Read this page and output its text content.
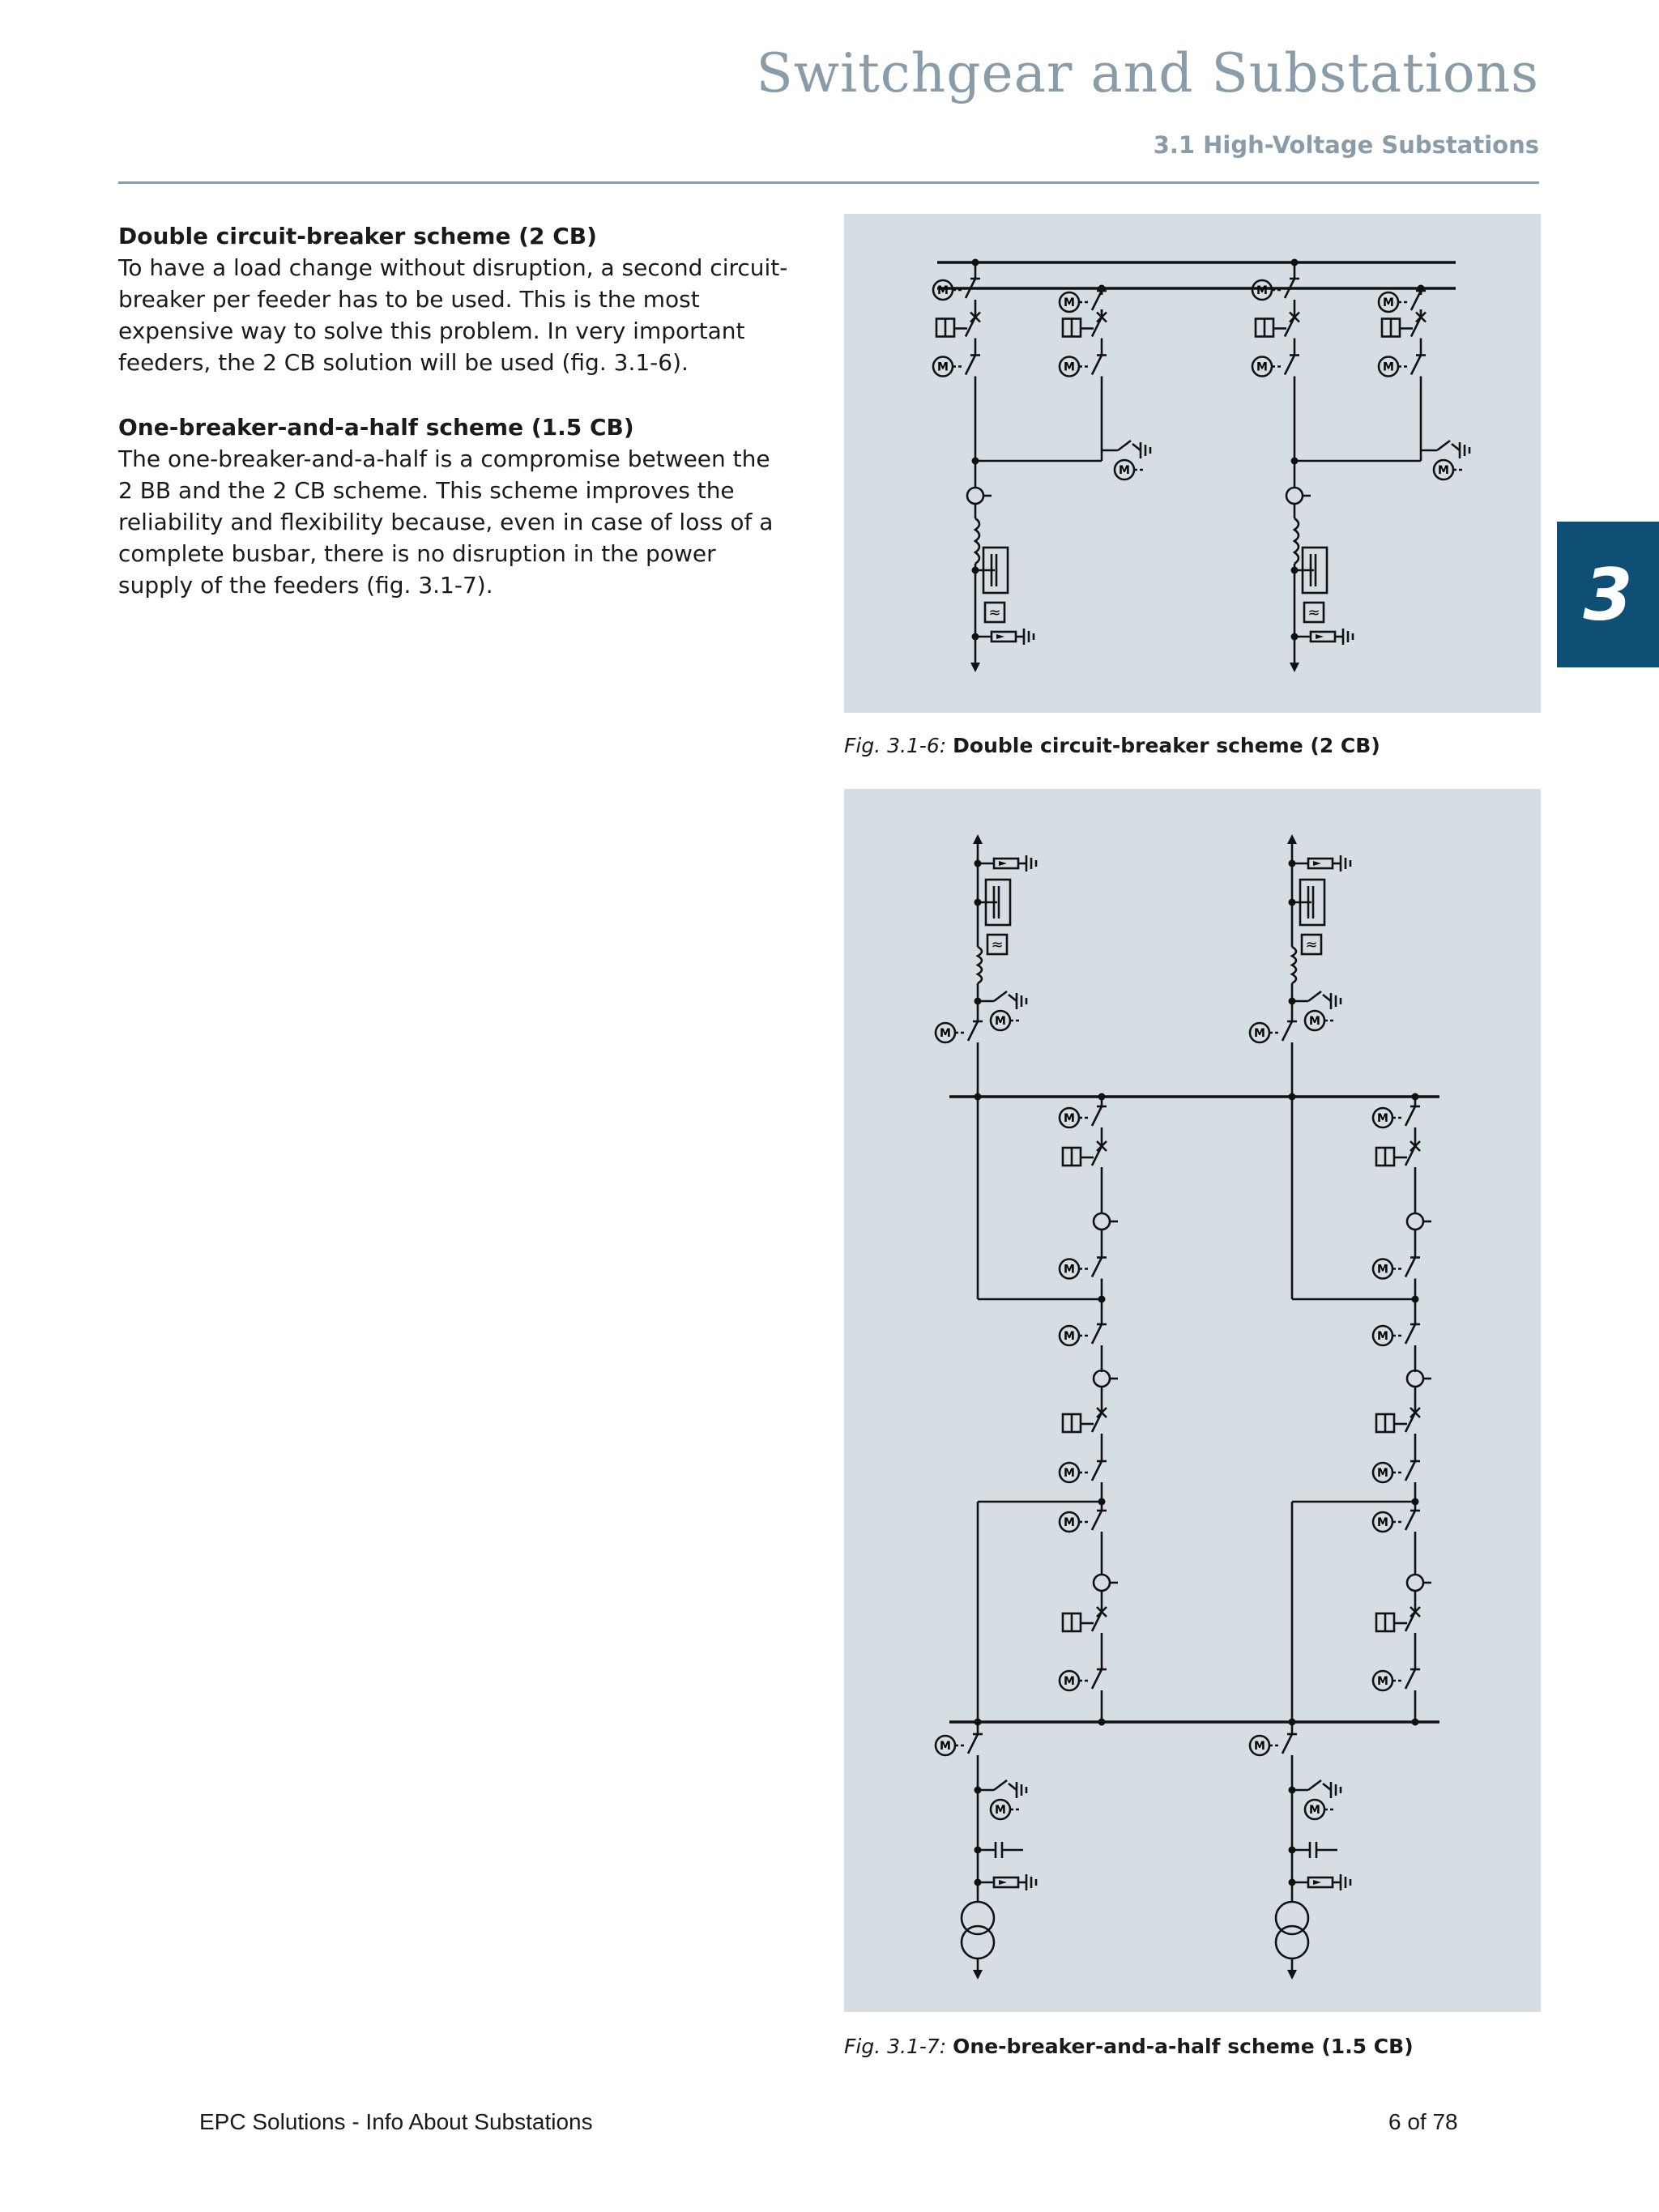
Switchgear and Substations
3.1 High-Voltage Substations
3

Double circuit-breaker scheme (2 CB)

To have a load change without disruption, a second circuit-breaker per feeder has to be used. This is the most expensive way to solve this problem. In very important feeders, the 2 CB solution will be used (fig. 3.1-6).

One-breaker-and-a-half scheme (1.5 CB)

The one-breaker-and-a-half is a compromise between the 2 BB and the 2 CB scheme. This scheme improves the reliability and flexibility because, even in case of loss of a complete busbar, there is no disruption in the power supply of the feeders (fig. 3.1-7).

M
M
M
M
M
≈
M
M
M
M
M
≈
Fig. 3.1-6: Double circuit-breaker scheme (2 CB)
≈
M
M
M
M
M
M
M
M
M
M
≈
M
M
M
M
M
M
M
M
M
M
Fig. 3.1-7: One-breaker-and-a-half scheme (1.5 CB)
EPC Solutions - Info About Substations	6 of 78
